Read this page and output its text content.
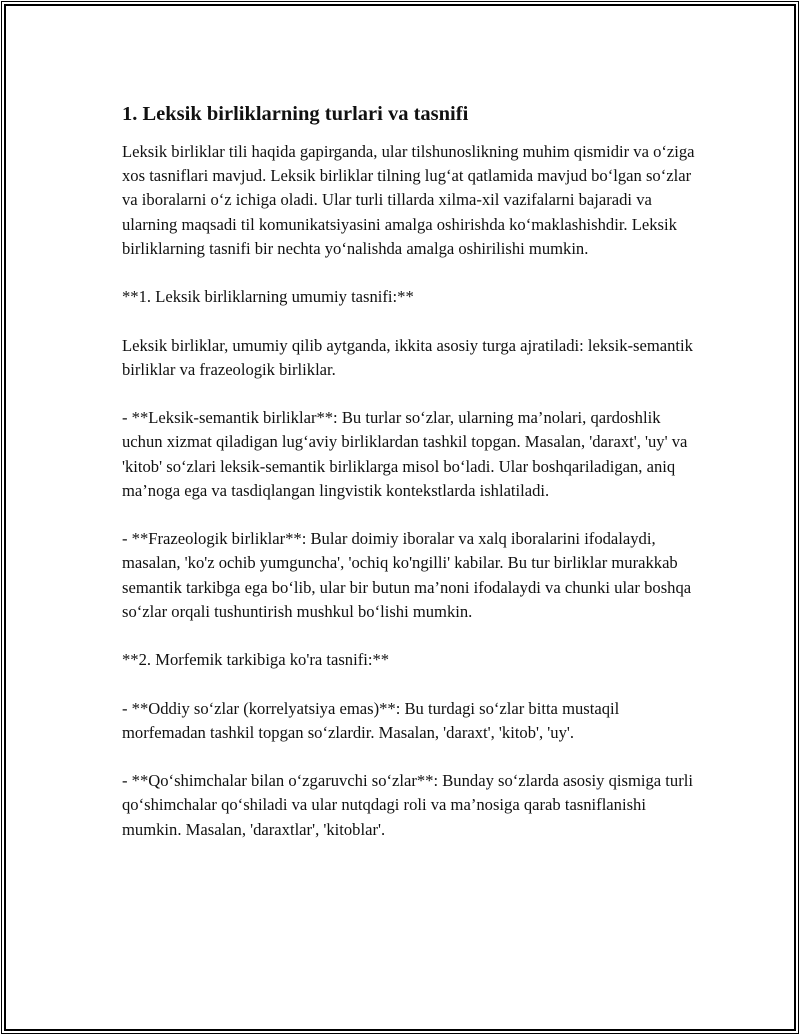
1. Leksik birliklarning turlari va tasnifi

Leksik birliklar tili haqida gapirganda, ular tilshunoslikning muhim qismidir va o‘ziga xos tasniflari mavjud. Leksik birliklar tilning lug‘at qatlamida mavjud bo‘lgan so‘zlar va iboralarni o‘z ichiga oladi. Ular turli tillarda xilma-xil vazifalarni bajaradi va ularning maqsadi til komunikatsiyasini amalga oshirishda ko‘maklashishdir. Leksik birliklarning tasnifi bir nechta yo‘nalishda amalga oshirilishi mumkin.

**1. Leksik birliklarning umumiy tasnifi:**

Leksik birliklar, umumiy qilib aytganda, ikkita asosiy turga ajratiladi: leksik-semantik birliklar va frazeologik birliklar.

- **Leksik-semantik birliklar**: Bu turlar so‘zlar, ularning ma’nolari, qardoshlik uchun xizmat qiladigan lug‘aviy birliklardan tashkil topgan. Masalan, 'daraxt', 'uy' va 'kitob' so‘zlari leksik-semantik birliklarga misol bo‘ladi. Ular boshqariladigan, aniq ma’noga ega va tasdiqlangan lingvistik kontekstlarda ishlatiladi.

- **Frazeologik birliklar**: Bular doimiy iboralar va xalq iboralarini ifodalaydi, masalan, 'ko'z ochib yumguncha', 'ochiq ko'ngilli' kabilar. Bu tur birliklar murakkab semantik tarkibga ega bo‘lib, ular bir butun ma’noni ifodalaydi va chunki ular boshqa so‘zlar orqali tushuntirish mushkul bo‘lishi mumkin.

**2. Morfemik tarkibiga ko'ra tasnifi:**

- **Oddiy so‘zlar (korrelyatsiya emas)**: Bu turdagi so‘zlar bitta mustaqil morfemadan tashkil topgan so‘zlardir. Masalan, 'daraxt', 'kitob', 'uy'.

- **Qo‘shimchalar bilan o‘zgaruvchi so‘zlar**: Bunday so‘zlarda asosiy qismiga turli qo‘shimchalar qo‘shiladi va ular nutqdagi roli va ma’nosiga qarab tasniflanishi mumkin. Masalan, 'daraxtlar', 'kitoblar'.
